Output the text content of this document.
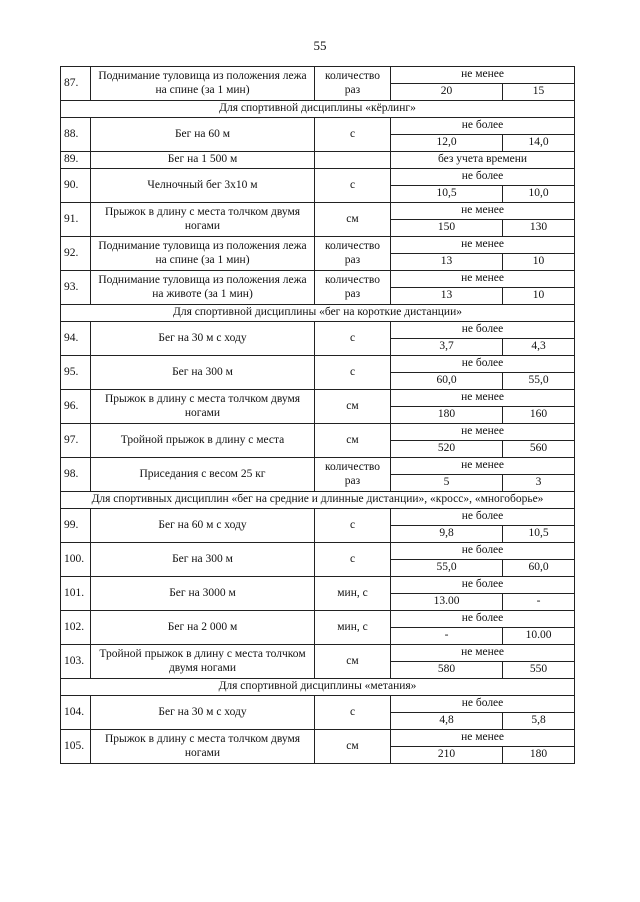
55
87.	Поднимание туловища из положения лежа на спине (за 1 мин)	количество раз	не менее	
			20	15
Для спортивной дисциплины «кёрлинг»				
88.	Бег на 60 м	с	не более	
			12,0	14,0
89.	Бег на 1 500 м		без учета времени	
90.	Челночный бег 3х10 м	с	не более	
			10,5	10,0
91.	Прыжок в длину с места толчком двумя ногами	см	не менее	
			150	130
92.	Поднимание туловища из положения лежа на спине (за 1 мин)	количество раз	не менее	
			13	10
93.	Поднимание туловища из положения лежа на животе (за 1 мин)	количество раз	не менее	
			13	10
Для спортивной дисциплины «бег на короткие дистанции»				
94.	Бег на 30 м с ходу	с	не более	
			3,7	4,3
95.	Бег на 300 м	с	не более	
			60,0	55,0
96.	Прыжок в длину с места толчком двумя ногами	см	не менее	
			180	160
97.	Тройной прыжок в длину с места	см	не менее	
			520	560
98.	Приседания с весом 25 кг	количество раз	не менее	
			5	3
Для спортивных дисциплин «бег на средние и длинные дистанции», «кросс», «многоборье»				
99.	Бег на 60 м с ходу	с	не более	
			9,8	10,5
100.	Бег на 300 м	с	не более	
			55,0	60,0
101.	Бег на 3000 м	мин, с	не более	
			13.00	-
102.	Бег на 2 000 м	мин, с	не более	
			-	10.00
103.	Тройной прыжок в длину с места толчком двумя ногами	см	не менее	
			580	550
Для спортивной дисциплины «метания»				
104.	Бег на 30 м с ходу	с	не более	
			4,8	5,8
105.	Прыжок в длину с места толчком двумя ногами	см	не менее	
			210	180
